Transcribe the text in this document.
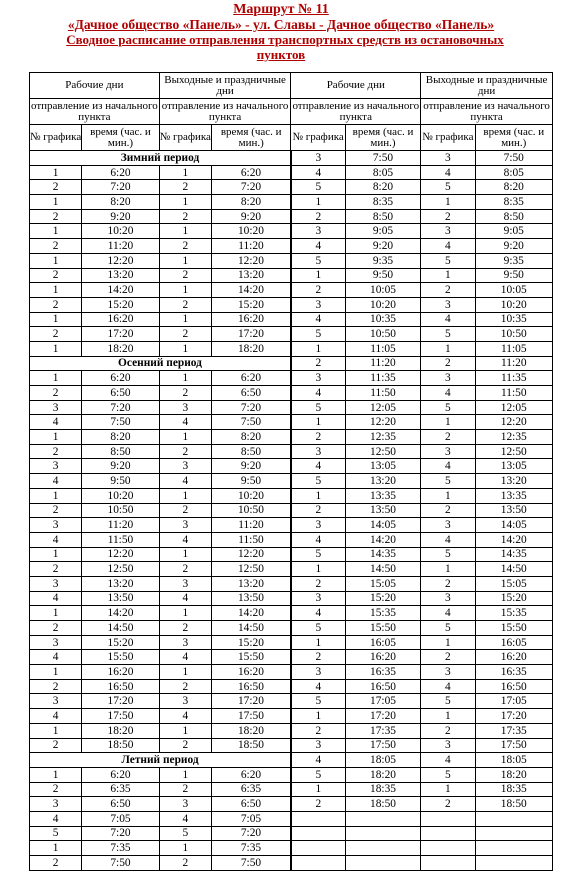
Маршрут № 11
«Дачное общество «Панель» - ул. Славы - Дачное общество «Панель»
Сводное расписание отправления транспортных средств из остановочных
пунктов
Рабочие дни		Выходные и праздничные дни		Рабочие дни		Выходные и праздничные дни	
отправление из начального пункта		отправление из начального пункта		отправление из начального пункта		отправление из начального пункта	
№ графика	время (час. и мин.)	№ графика	время (час. и мин.)	№ графика	время (час. и мин.)	№ графика	время (час. и мин.)
Зимний период				3	7:50	3	7:50
1	6:20	1	6:20	4	8:05	4	8:05
2	7:20	2	7:20	5	8:20	5	8:20
1	8:20	1	8:20	1	8:35	1	8:35
2	9:20	2	9:20	2	8:50	2	8:50
1	10:20	1	10:20	3	9:05	3	9:05
2	11:20	2	11:20	4	9:20	4	9:20
1	12:20	1	12:20	5	9:35	5	9:35
2	13:20	2	13:20	1	9:50	1	9:50
1	14:20	1	14:20	2	10:05	2	10:05
2	15:20	2	15:20	3	10:20	3	10:20
1	16:20	1	16:20	4	10:35	4	10:35
2	17:20	2	17:20	5	10:50	5	10:50
1	18:20	1	18:20	1	11:05	1	11:05
Осенний период				2	11:20	2	11:20
1	6:20	1	6:20	3	11:35	3	11:35
2	6:50	2	6:50	4	11:50	4	11:50
3	7:20	3	7:20	5	12:05	5	12:05
4	7:50	4	7:50	1	12:20	1	12:20
1	8:20	1	8:20	2	12:35	2	12:35
2	8:50	2	8:50	3	12:50	3	12:50
3	9:20	3	9:20	4	13:05	4	13:05
4	9:50	4	9:50	5	13:20	5	13:20
1	10:20	1	10:20	1	13:35	1	13:35
2	10:50	2	10:50	2	13:50	2	13:50
3	11:20	3	11:20	3	14:05	3	14:05
4	11:50	4	11:50	4	14:20	4	14:20
1	12:20	1	12:20	5	14:35	5	14:35
2	12:50	2	12:50	1	14:50	1	14:50
3	13:20	3	13:20	2	15:05	2	15:05
4	13:50	4	13:50	3	15:20	3	15:20
1	14:20	1	14:20	4	15:35	4	15:35
2	14:50	2	14:50	5	15:50	5	15:50
3	15:20	3	15:20	1	16:05	1	16:05
4	15:50	4	15:50	2	16:20	2	16:20
1	16:20	1	16:20	3	16:35	3	16:35
2	16:50	2	16:50	4	16:50	4	16:50
3	17:20	3	17:20	5	17:05	5	17:05
4	17:50	4	17:50	1	17:20	1	17:20
1	18:20	1	18:20	2	17:35	2	17:35
2	18:50	2	18:50	3	17:50	3	17:50
Летний период				4	18:05	4	18:05
1	6:20	1	6:20	5	18:20	5	18:20
2	6:35	2	6:35	1	18:35	1	18:35
3	6:50	3	6:50	2	18:50	2	18:50
4	7:05	4	7:05				
5	7:20	5	7:20				
1	7:35	1	7:35				
2	7:50	2	7:50				
